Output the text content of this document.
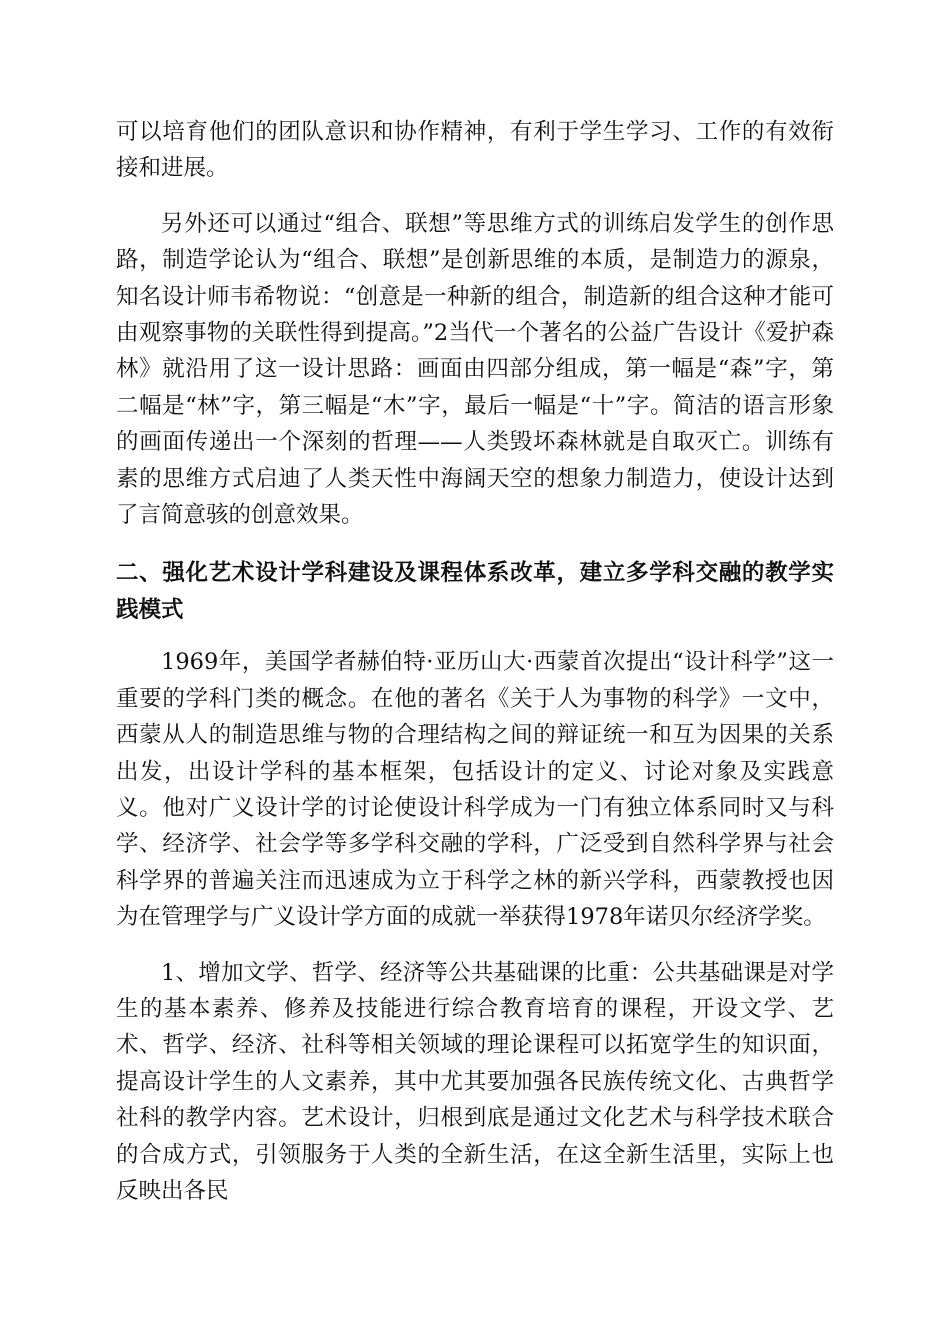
可以培育他们的团队意识和协作精神，有利于学生学习、工作的有效衔接和进展。

另外还可以通过“组合、联想”等思维方式的训练启发学生的创作思路，制造学论认为“组合、联想”是创新思维的本质，是制造力的源泉，知名设计师韦希物说：“创意是一种新的组合，制造新的组合这种才能可由观察事物的关联性得到提高。”2当代一个著名的公益广告设计《爱护森林》就沿用了这一设计思路：画面由四部分组成，第一幅是“森”字，第二幅是“林”字，第三幅是“木”字，最后一幅是“十”字。简洁的语言形象的画面传递出一个深刻的哲理——人类毁坏森林就是自取灭亡。训练有素的思维方式启迪了人类天性中海阔天空的想象力制造力，使设计达到了言简意骇的创意效果。

二、强化艺术设计学科建设及课程体系改革，建立多学科交融的教学实践模式

1969年，美国学者赫伯特·亚历山大·西蒙首次提出“设计科学”这一重要的学科门类的概念。在他的著名《关于人为事物的科学》一文中，西蒙从人的制造思维与物的合理结构之间的辩证统一和互为因果的关系出发，出设计学科的基本框架，包括设计的定义、讨论对象及实践意义。他对广义设计学的讨论使设计科学成为一门有独立体系同时又与科学、经济学、社会学等多学科交融的学科，广泛受到自然科学界与社会科学界的普遍关注而迅速成为立于科学之林的新兴学科，西蒙教授也因为在管理学与广义设计学方面的成就一举获得1978年诺贝尔经济学奖。

1、增加文学、哲学、经济等公共基础课的比重：公共基础课是对学生的基本素养、修养及技能进行综合教育培育的课程，开设文学、艺术、哲学、经济、社科等相关领域的理论课程可以拓宽学生的知识面，提高设计学生的人文素养，其中尤其要加强各民族传统文化、古典哲学社科的教学内容。艺术设计，归根到底是通过文化艺术与科学技术联合的合成方式，引领服务于人类的全新生活，在这全新生活里，实际上也反映出各民
